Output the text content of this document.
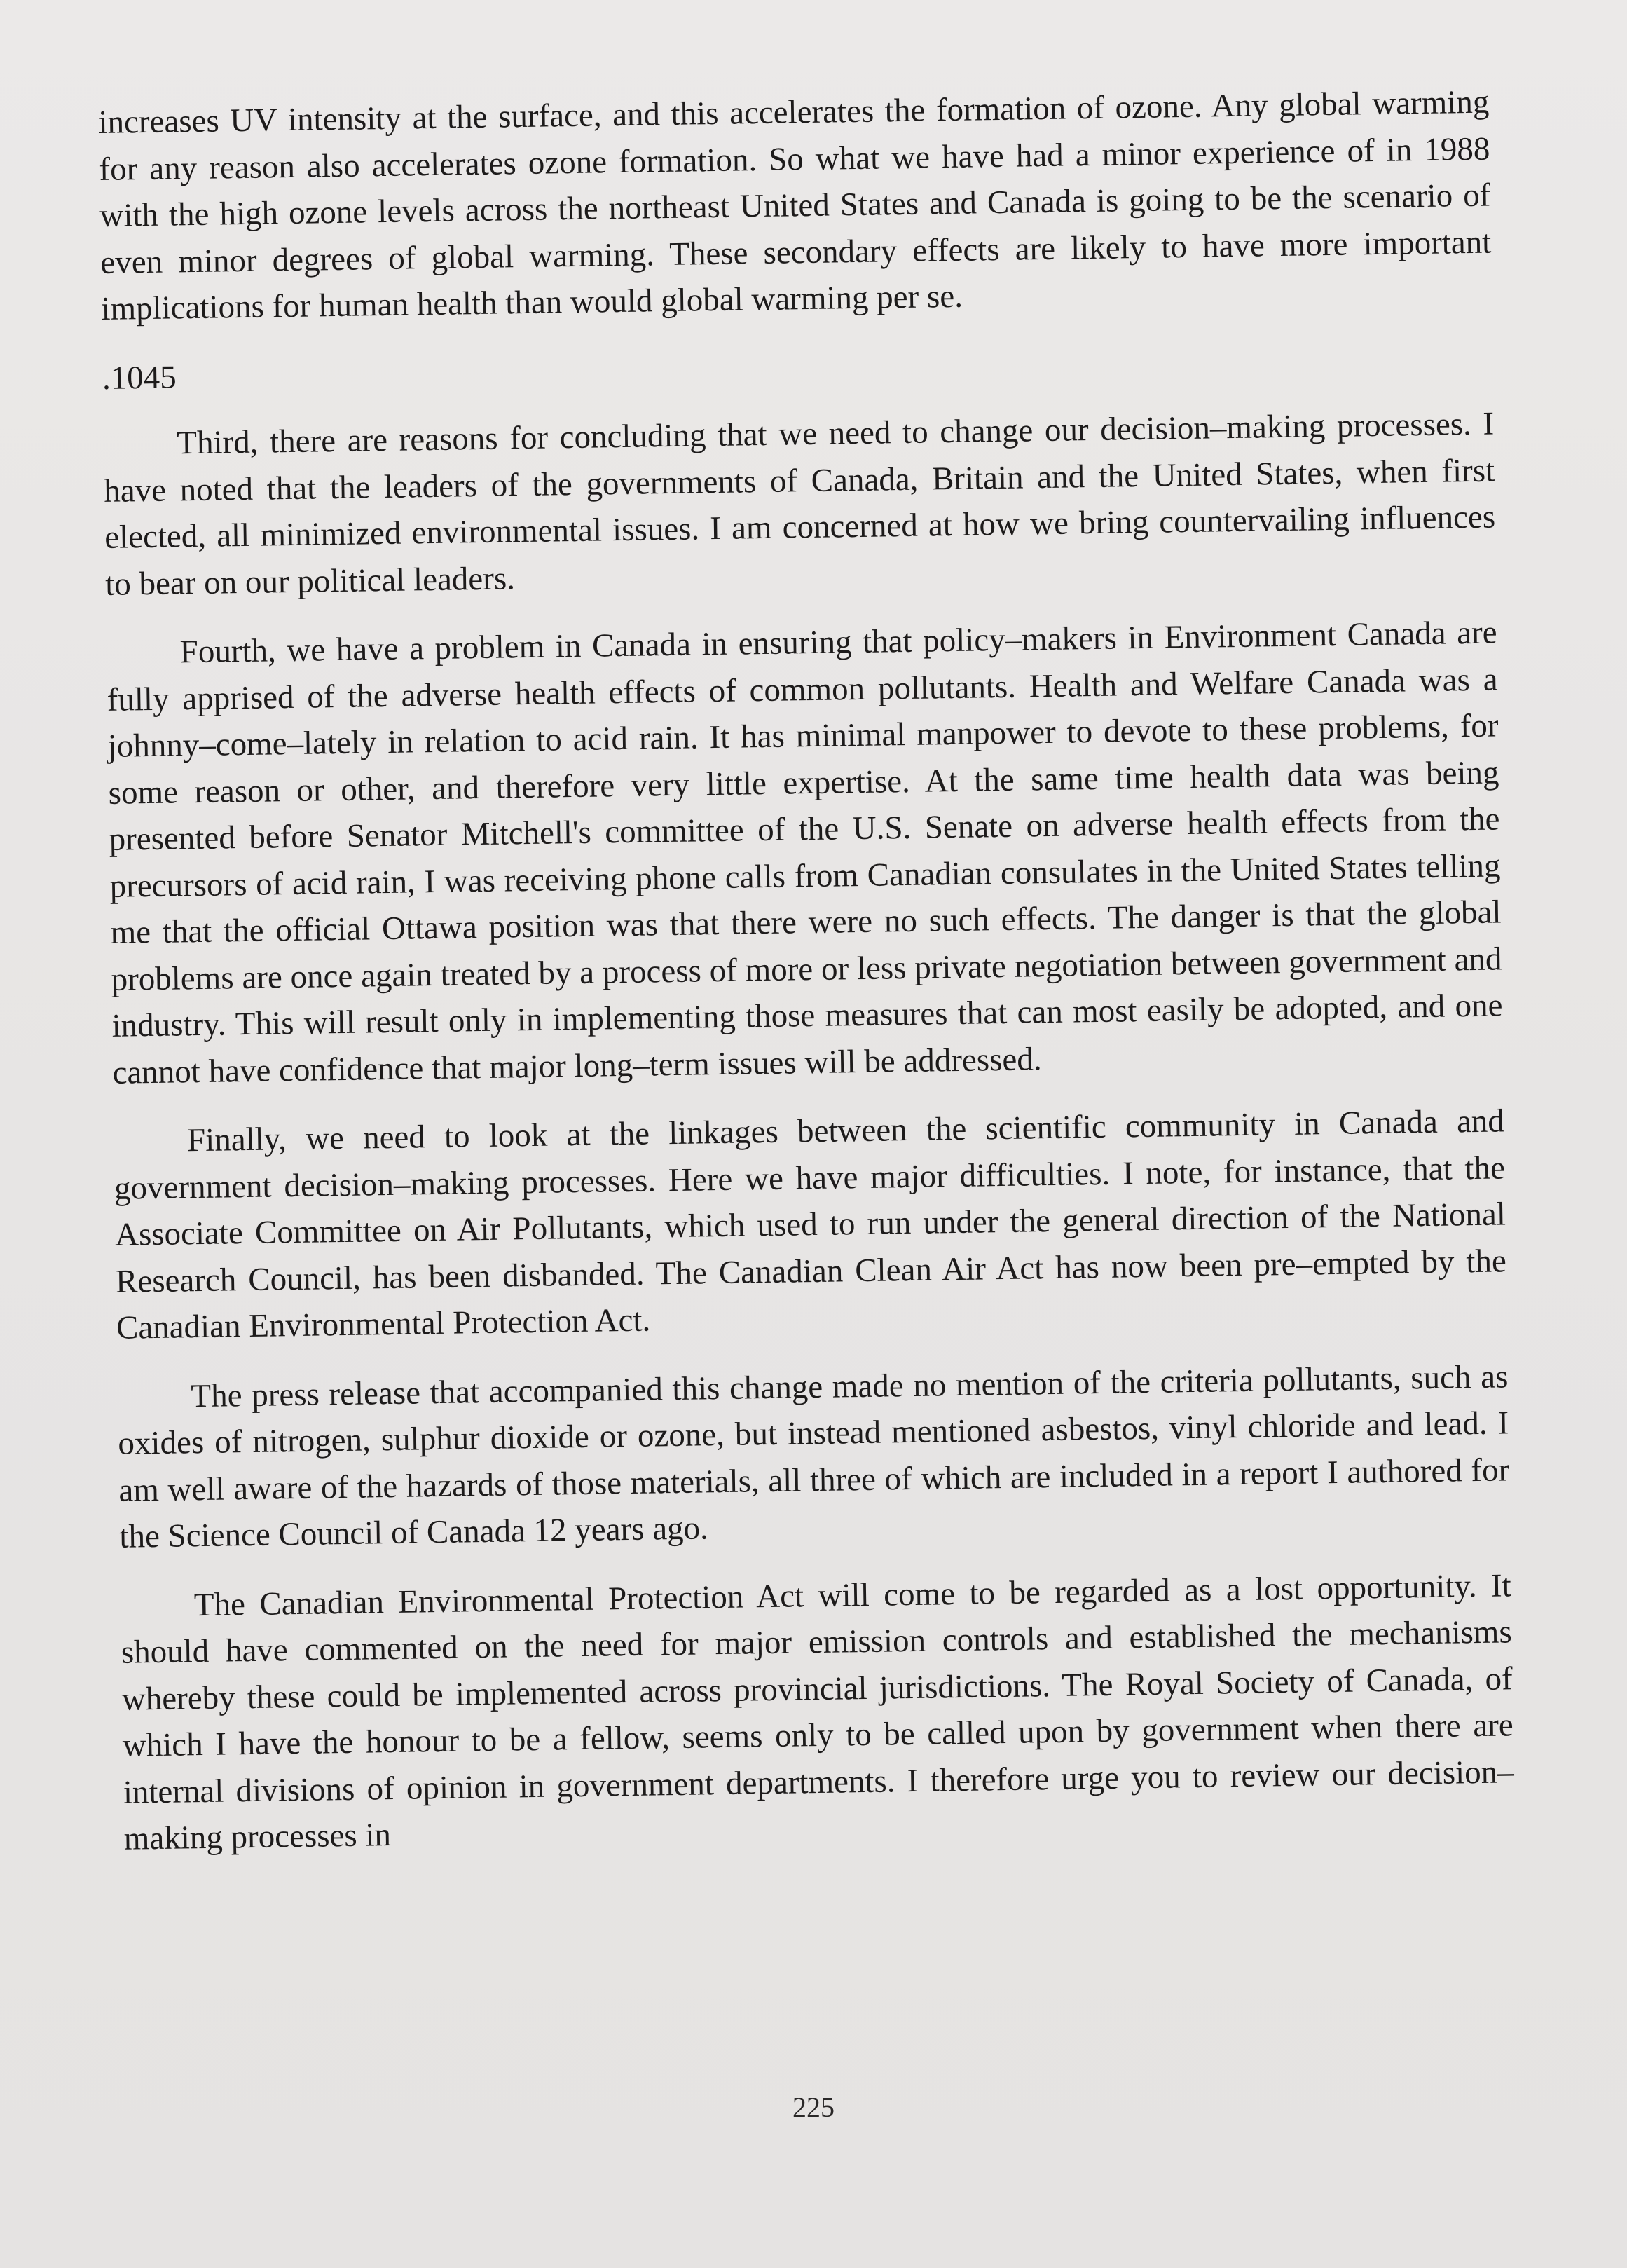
increases UV intensity at the surface, and this accelerates the formation of ozone. Any global warming for any reason also accelerates ozone formation. So what we have had a minor experience of in 1988 with the high ozone levels across the northeast United States and Canada is going to be the scenario of even minor degrees of global warming. These secondary effects are likely to have more important implications for human health than would global warming per se.

.1045

Third, there are reasons for concluding that we need to change our decision–making processes. I have noted that the leaders of the governments of Canada, Britain and the United States, when first elected, all minimized environmental issues. I am concerned at how we bring countervailing influences to bear on our political leaders.

Fourth, we have a problem in Canada in ensuring that policy–makers in Environment Canada are fully apprised of the adverse health effects of common pollutants. Health and Welfare Canada was a johnny–come–lately in relation to acid rain. It has minimal manpower to devote to these problems, for some reason or other, and therefore very little expertise. At the same time health data was being presented before Senator Mitchell's committee of the U.S. Senate on adverse health effects from the precursors of acid rain, I was receiving phone calls from Canadian consulates in the United States telling me that the official Ottawa position was that there were no such effects. The danger is that the global problems are once again treated by a process of more or less private negotiation between government and industry. This will result only in implementing those measures that can most easily be adopted, and one cannot have confidence that major long–term issues will be addressed.

Finally, we need to look at the linkages between the scientific community in Canada and government decision–making processes. Here we have major difficulties. I note, for instance, that the Associate Committee on Air Pollutants, which used to run under the general direction of the National Research Council, has been disbanded. The Canadian Clean Air Act has now been pre–empted by the Canadian Environmental Protection Act.

The press release that accompanied this change made no mention of the criteria pollutants, such as oxides of nitrogen, sulphur dioxide or ozone, but instead mentioned asbestos, vinyl chloride and lead. I am well aware of the hazards of those materials, all three of which are included in a report I authored for the Science Council of Canada 12 years ago.

The Canadian Environmental Protection Act will come to be regarded as a lost opportunity. It should have commented on the need for major emission controls and established the mechanisms whereby these could be implemented across provincial jurisdictions. The Royal Society of Canada, of which I have the honour to be a fellow, seems only to be called upon by government when there are internal divisions of opinion in government departments. I therefore urge you to review our decision–making processes in

225
